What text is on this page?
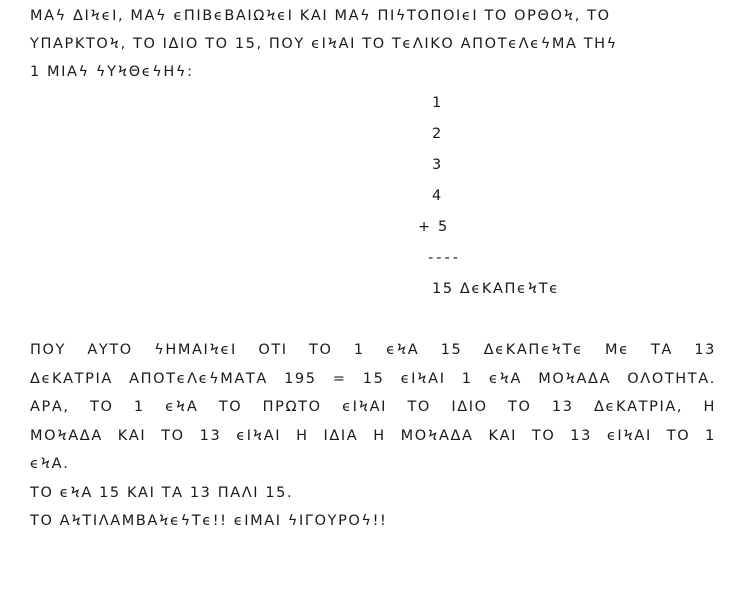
ΜΑϟ ΔΙϞϵΙ, ΜΑϟ ϵΠΙΒϵΒΑΙΩϞϵΙ ΚΑΙ ΜΑϟ ΠΙϟΤΟΠΟΙϵΙ ΤΟ ΟΡΘΟϞ, ΤΟ
ΥΠΑΡΚΤΟϞ, ΤΟ ΙΔΙΟ ΤΟ 15, ΠΟΥ ϵΙϞΑΙ ΤΟ ΤϵΛΙΚΟ ΑΠΟΤϵΛϵϟΜΑ ΤΗϟ
1 ΜΙΑϟ ϟΥϞΘϵϟΗϟ:
1
2
3
4
+ 5
----
15 ΔϵΚΑΠϵϞΤϵ
ΠΟΥ ΑΥΤΟ ϟΗΜΑΙϞϵΙ ΟΤΙ ΤΟ 1 ϵϞΑ 15 ΔϵΚΑΠϵϞΤϵ Μϵ ΤΑ 13
ΔϵΚΑΤΡΙΑ ΑΠΟΤϵΛϵϟΜΑΤΑ 195 = 15 ϵΙϞΑΙ 1 ϵϞΑ ΜΟϞΑΔΑ ΟΛΟΤΗΤΑ.
ΑΡΑ, ΤΟ 1 ϵϞΑ ΤΟ ΠΡΩΤΟ ϵΙϞΑΙ ΤΟ ΙΔΙΟ ΤΟ 13 ΔϵΚΑΤΡΙΑ, Η
ΜΟϞΑΔΑ ΚΑΙ ΤΟ 13 ϵΙϞΑΙ Η ΙΔΙΑ Η ΜΟϞΑΔΑ ΚΑΙ ΤΟ 13 ϵΙϞΑΙ ΤΟ 1
ϵϞΑ.
ΤΟ ϵϞΑ 15 ΚΑΙ ΤΑ 13 ΠΑΛΙ 15.
ΤΟ ΑϞΤΙΛΑΜΒΑϞϵϟΤϵ!! ϵΙΜΑΙ ϟΙΓΟΥΡΟϟ!!
